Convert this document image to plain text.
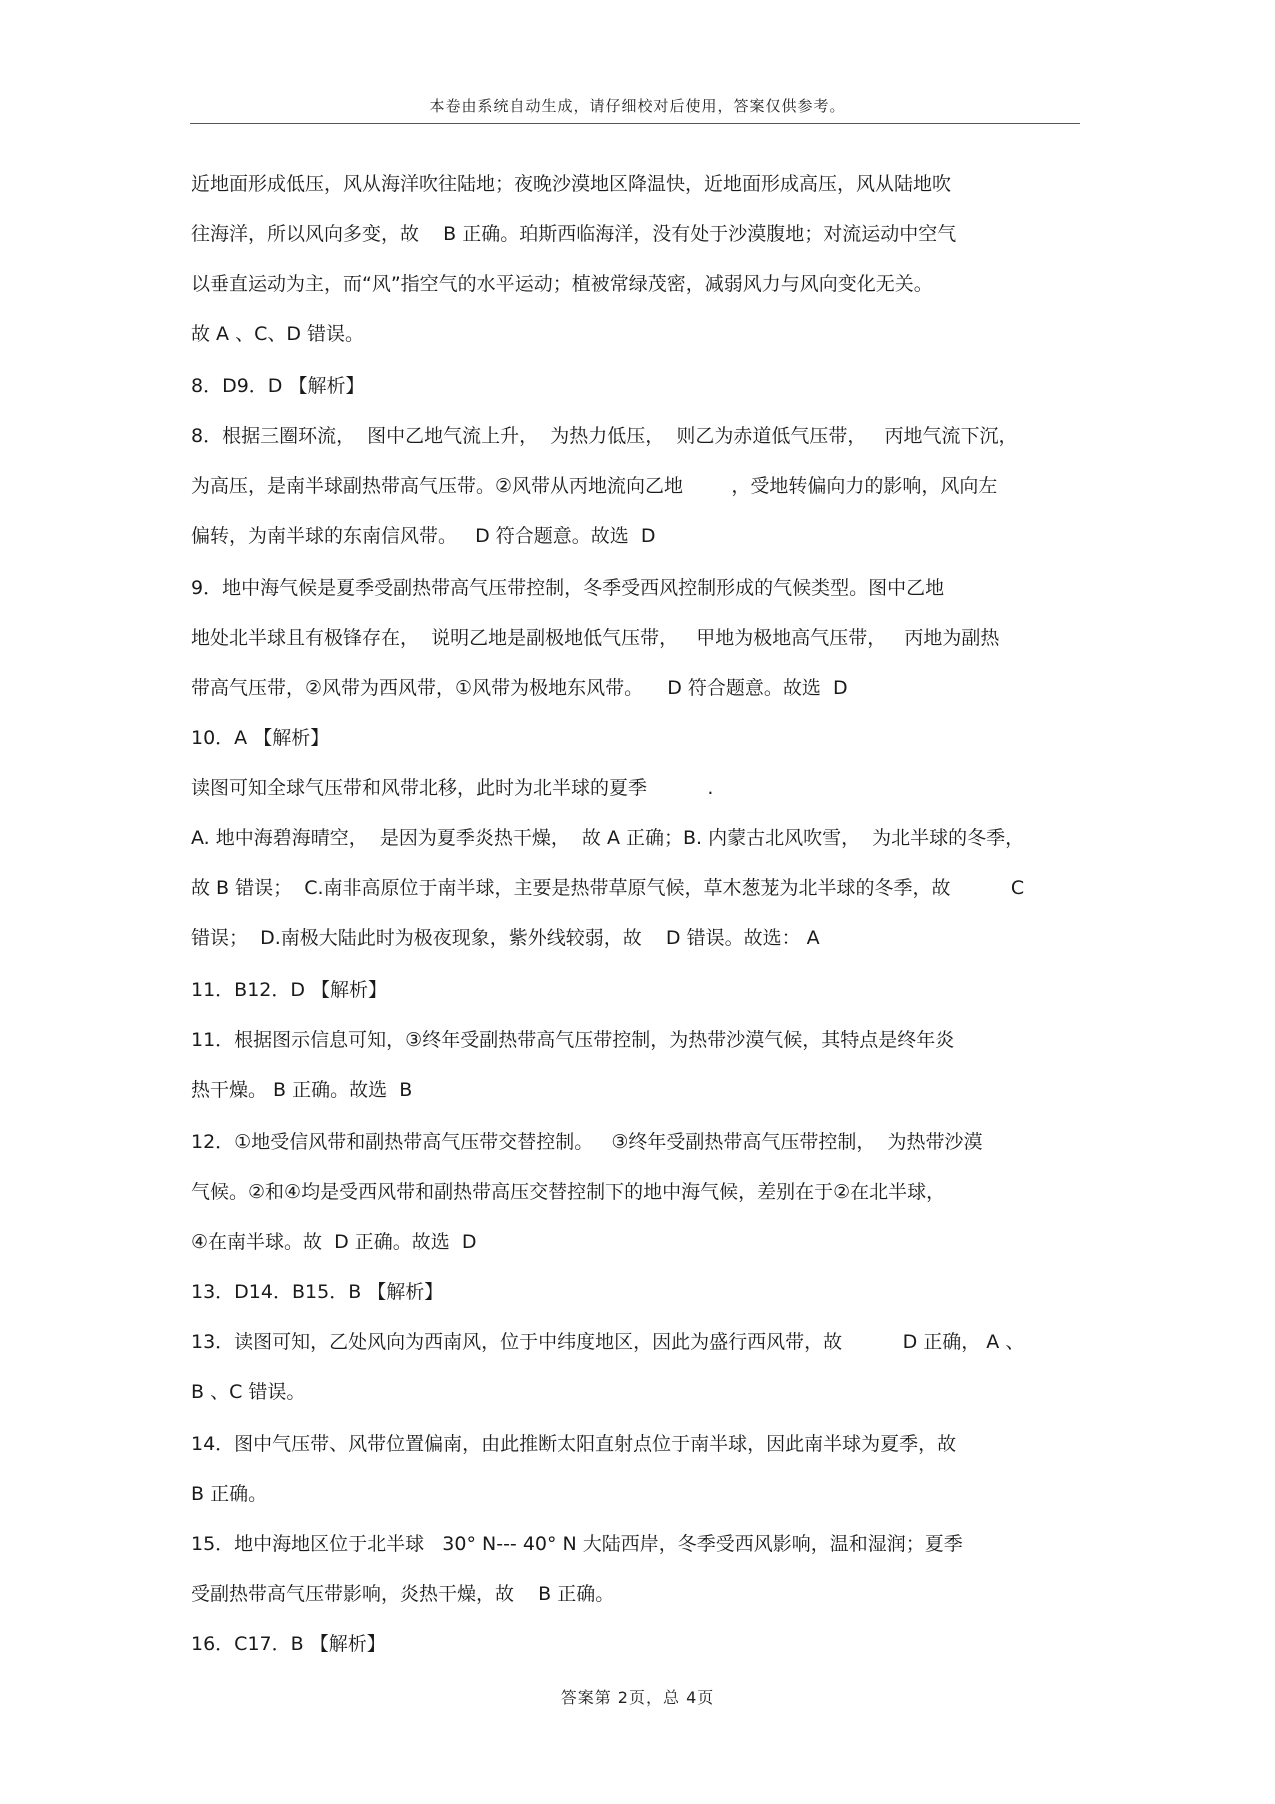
本卷由系统自动生成，请仔细校对后使用，答案仅供参考。
近地面形成低压，风从海洋吹往陆地；夜晚沙漠地区降温快，近地面形成高压，风从陆地吹
往海洋，所以风向多变，故    B 正确。珀斯西临海洋，没有处于沙漠腹地；对流运动中空气
以垂直运动为主，而“风”指空气的水平运动；植被常绿茂密，减弱风力与风向变化无关。
故 A 、C、D 错误。
8．D9．D 【解析】
8．根据三圈环流，  图中乙地气流上升，  为热力低压，  则乙为赤道低气压带，   丙地气流下沉，
为高压，是南半球副热带高气压带。②风带从丙地流向乙地        ，受地转偏向力的影响，风向左
偏转，为南半球的东南信风带。   D 符合题意。故选  D
9．地中海气候是夏季受副热带高气压带控制，冬季受西风控制形成的气候类型。图中乙地
地处北半球且有极锋存在，  说明乙地是副极地低气压带，   甲地为极地高气压带，   丙地为副热
带高气压带，②风带为西风带，①风带为极地东风带。    D 符合题意。故选  D
10．A 【解析】
读图可知全球气压带和风带北移，此时为北半球的夏季          .
A. 地中海碧海晴空，  是因为夏季炎热干燥，  故 A 正确；B. 内蒙古北风吹雪，  为北半球的冬季，
故 B 错误；  C.南非高原位于南半球，主要是热带草原气候，草木葱茏为北半球的冬季，故          C
错误；  D.南极大陆此时为极夜现象，紫外线较弱，故    D 错误。故选： A
11．B12．D 【解析】
11．根据图示信息可知，③终年受副热带高气压带控制，为热带沙漠气候，其特点是终年炎
热干燥。 B 正确。故选  B
12．①地受信风带和副热带高气压带交替控制。   ③终年受副热带高气压带控制，  为热带沙漠
气候。②和④均是受西风带和副热带高压交替控制下的地中海气候，差别在于②在北半球，
④在南半球。故  D 正确。故选  D
13．D14．B15．B 【解析】
13．读图可知，乙处风向为西南风，位于中纬度地区，因此为盛行西风带，故          D 正确， A 、
B 、C 错误。
14．图中气压带、风带位置偏南，由此推断太阳直射点位于南半球，因此南半球为夏季，故
B 正确。
15．地中海地区位于北半球   30° N--- 40° N 大陆西岸，冬季受西风影响，温和湿润；夏季
受副热带高气压带影响，炎热干燥，故    B 正确。
16．C17．B 【解析】
答案第 2页，总 4页
